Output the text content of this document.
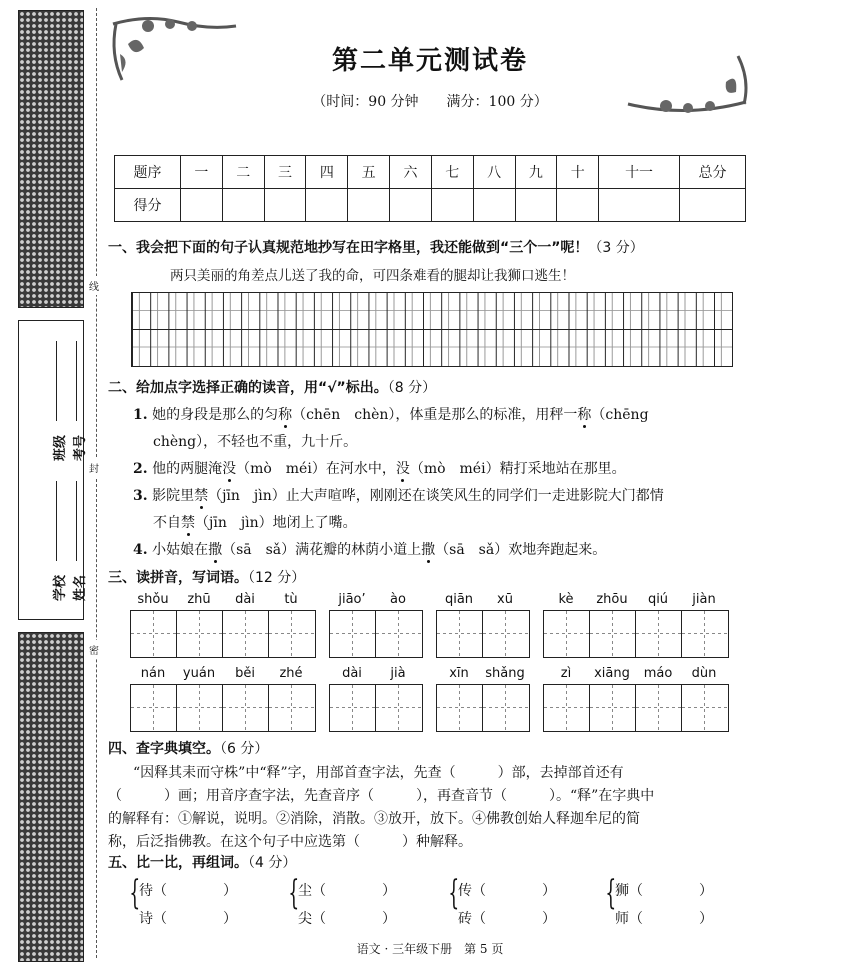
学校 姓名
班级 考号
线
封
密
第二单元测试卷
（时间：90 分钟　　满分：100 分）
题序	一	二	三	四	五	六	七	八	九	十	十一	总分
得分												
一、我会把下面的句子认真规范地抄写在田字格里，我还能做到“三个一”呢！（3 分）
两只美丽的角差点儿送了我的命，可四条难看的腿却让我狮口逃生！
二、给加点字选择正确的读音，用“√”标出。（8 分）
1. 她的身段是那么的匀称（chēn　chèn），体重是那么的标准，用秤一称（chēng
chèng），不轻也不重，九十斤。
2. 他的两腿淹没（mò　méi）在河水中，没（mò　méi）精打采地站在那里。
3. 影院里禁（jīn　jìn）止大声喧哗，刚刚还在谈笑风生的同学们一走进影院大门都情
不自禁（jīn　jìn）地闭上了嘴。
4. 小姑娘在撒（sā　sǎ）满花瓣的林荫小道上撒（sā　sǎ）欢地奔跑起来。
三、读拼音，写词语。（12 分）
shǒu	zhū	dài	tù	jiāo’	ào	qiān	xū	kè	zhōu	qiú	jiàn
nán	yuán	běi	zhé	dài	jià	xīn	shǎng	zì	xiāng	máo	dùn
四、查字典填空。（6 分）
“因释其耒而守株”中“释”字，用部首查字法，先查（　　　）部，去掉部首还有
（　　　）画；用音序查字法，先查音序（　　　），再查音节（　　　）。“释”在字典中
的解释有：①解说，说明。②消除，消散。③放开，放下。④佛教创始人释迦牟尼的简
称，后泛指佛教。在这个句子中应选第（　　　）种解释。
五、比一比，再组词。（4 分）
{
待（　　　　）
诗（　　　　）
{
尘（　　　　）
尖（　　　　）
{
传（　　　　）
砖（　　　　）
{
狮（　　　　）
师（　　　　）
语文 · 三年级下册　第 5 页
